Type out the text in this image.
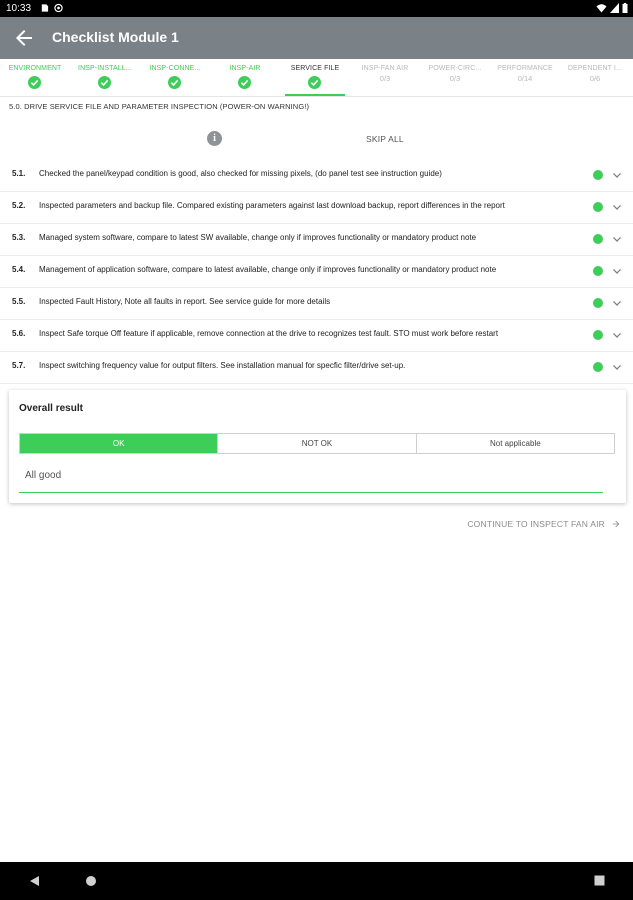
10:33
Checklist Module 1
ENVIRONMENT	INSP-INSTALL...	INSP-CONNE...	INSP-AIR	SERVICE FILE	INSP-FAN AIR
0/3
POWER-CIRC...
0/3
PERFORMANCE
0/14
DEPENDENT I...
0/6
5.0. DRIVE SERVICE FILE AND PARAMETER INSPECTION (POWER-ON WARNING!)
i	SKIP ALL
5.1. Checked the panel/keypad condition is good, also checked for missing pixels, (do panel test see instruction guide)
5.2. Inspected parameters and backup file. Compared existing parameters against last download backup, report differences in the report
5.3. Managed system software, compare to latest SW available, change only if improves functionality or mandatory product note
5.4. Management of application software, compare to latest available, change only if improves functionality or mandatory product note
5.5. Inspected Fault History, Note all faults in report. See service guide for more details
5.6. Inspect Safe torque Off feature if applicable, remove connection at the drive to recognizes test fault. STO must work before restart
5.7. Inspect switching frequency value for output filters. See installation manual for specfic filter/drive set-up.
Overall result
OK	NOT OK	Not applicable
All good
CONTINUE TO INSPECT FAN AIR
